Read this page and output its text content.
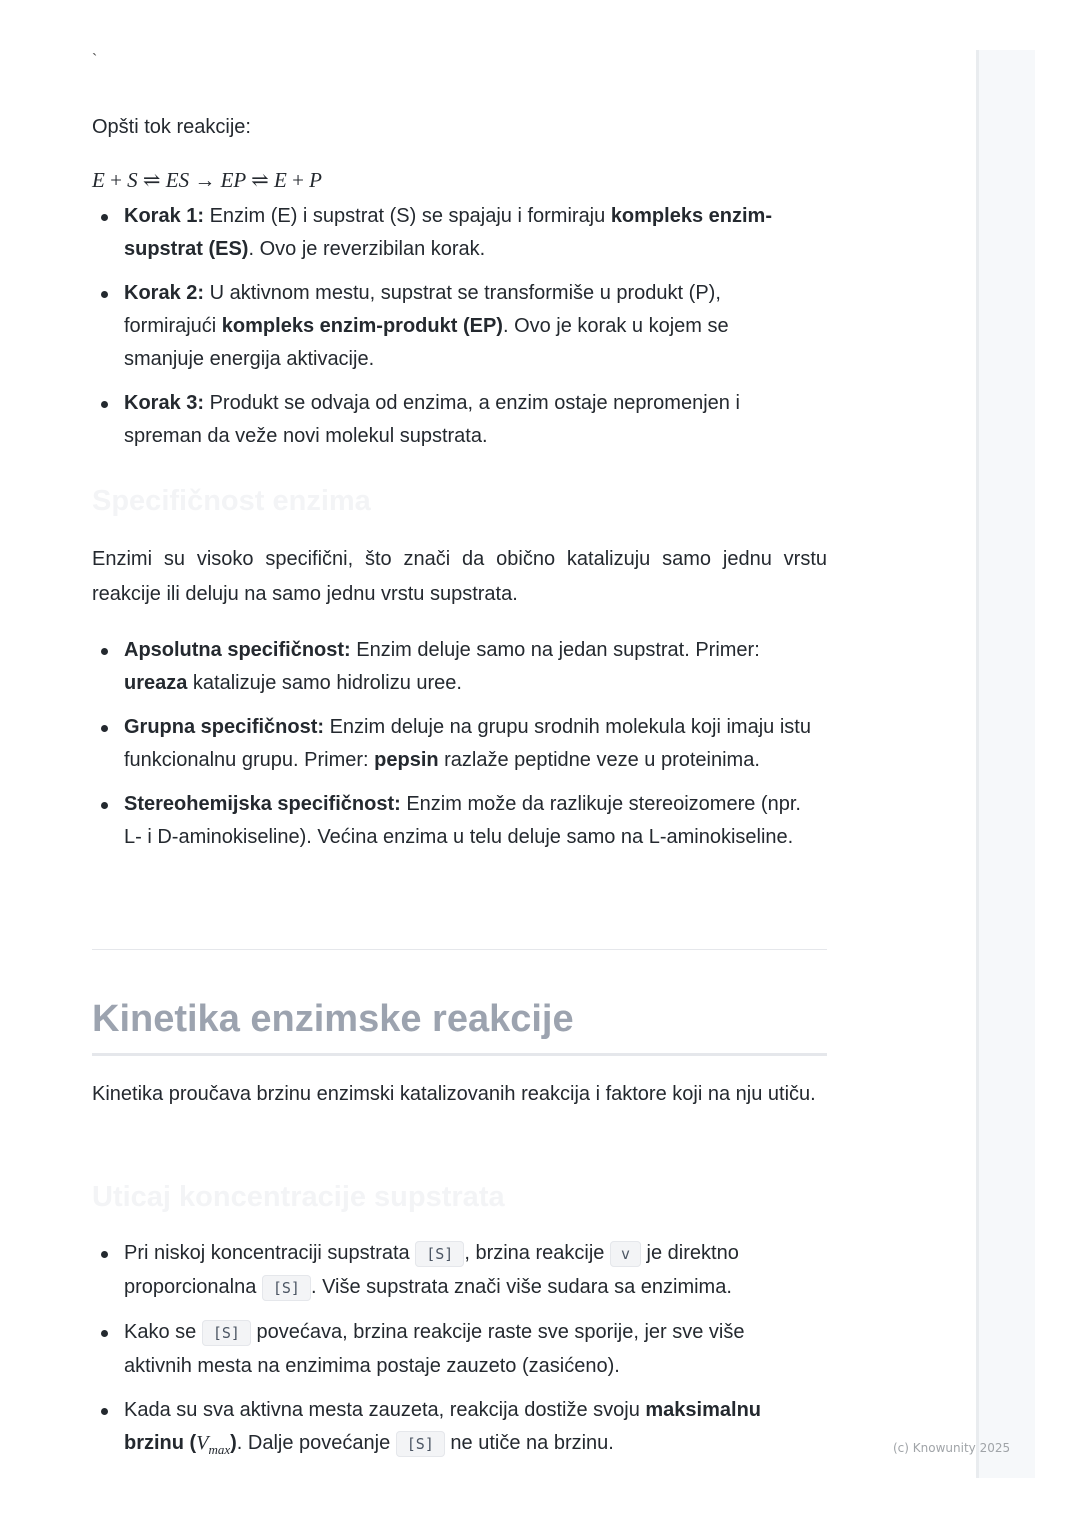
(c) Knowunity 2025
`

Opšti tok reakcije:

E + S ⇌ ES → EP ⇌ E + P
Korak 1: Enzim (E) i supstrat (S) se spajaju i formiraju kompleks enzim-supstrat (ES). Ovo je reverzibilan korak.
Korak 2: U aktivnom mestu, supstrat se transformiše u produkt (P), formirajući kompleks enzim-produkt (EP). Ovo je korak u kojem se smanjuje energija aktivacije.
Korak 3: Produkt se odvaja od enzima, a enzim ostaje nepromenjen i spreman da veže novi molekul supstrata.
Specifičnost enzima

Enzimi su visoko specifični, što znači da obično katalizuju samo jednu vrstu reakcije ili deluju na samo jednu vrstu supstrata.

Apsolutna specifičnost: Enzim deluje samo na jedan supstrat. Primer: ureaza katalizuje samo hidrolizu uree.
Grupna specifičnost: Enzim deluje na grupu srodnih molekula koji imaju istu funkcionalnu grupu. Primer: pepsin razlaže peptidne veze u proteinima.
Stereohemijska specifičnost: Enzim može da razlikuje stereoizomere (npr. L- i D-aminokiseline). Većina enzima u telu deluje samo na L-aminokiseline.
Kinetika enzimske reakcije

Kinetika proučava brzinu enzimski katalizovanih reakcija i faktore koji na nju utiču.

Uticaj koncentracije supstrata
Pri niskoj koncentraciji supstrata [S] , brzina reakcije v je direktno proporcionalna [S] . Više supstrata znači više sudara sa enzimima.
Kako se [S] povećava, brzina reakcije raste sve sporije, jer sve više aktivnih mesta na enzimima postaje zauzeto (zasićeno).
Kada su sva aktivna mesta zauzeta, reakcija dostiže svoju maksimalnu brzinu $(V_{max})$. Dalje povećanje [S] ne utiče na brzinu.
